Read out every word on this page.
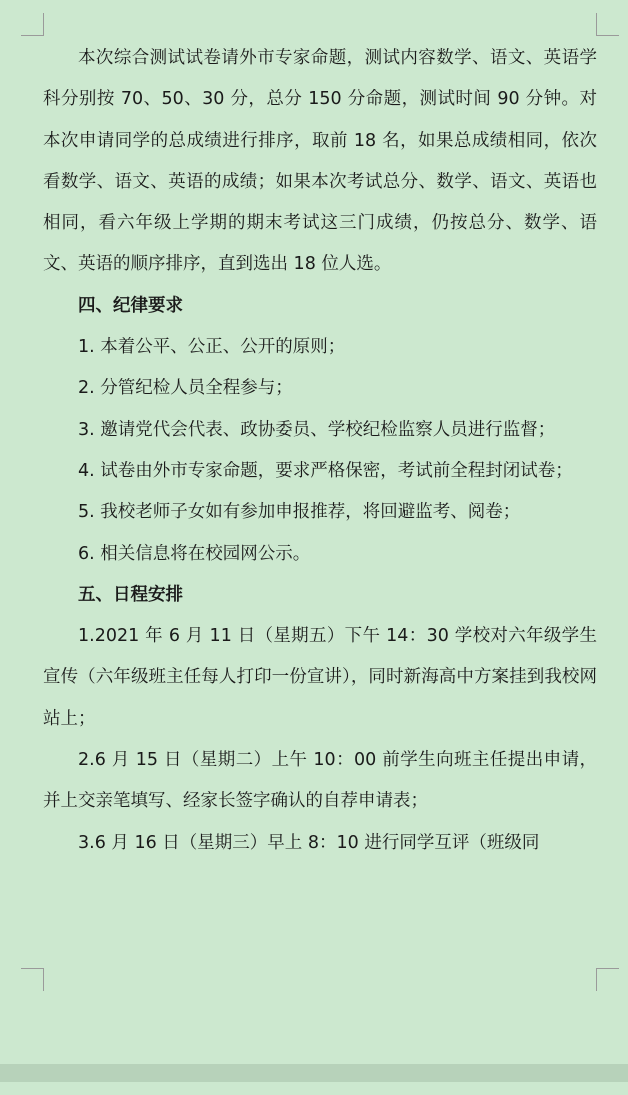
本次综合测试试卷请外市专家命题，测试内容数学、语文、英语学科分别按 70、50、30 分，总分 150 分命题，测试时间 90 分钟。对本次申请同学的总成绩进行排序，取前 18 名，如果总成绩相同，依次看数学、语文、英语的成绩；如果本次考试总分、数学、语文、英语也相同，看六年级上学期的期末考试这三门成绩，仍按总分、数学、语文、英语的顺序排序，直到选出 18 位人选。

四、纪律要求

1. 本着公平、公正、公开的原则；

2. 分管纪检人员全程参与；

3. 邀请党代会代表、政协委员、学校纪检监察人员进行监督；

4. 试卷由外市专家命题，要求严格保密，考试前全程封闭试卷；

5. 我校老师子女如有参加申报推荐，将回避监考、阅卷；

6. 相关信息将在校园网公示。

五、日程安排

1.2021 年 6 月 11 日（星期五）下午 14：30 学校对六年级学生宣传（六年级班主任每人打印一份宣讲），同时新海高中方案挂到我校网站上；

2.6 月 15 日（星期二）上午 10：00 前学生向班主任提出申请，并上交亲笔填写、经家长签字确认的自荐申请表；

3.6 月 16 日（星期三）早上 8：10 进行同学互评（班级同
